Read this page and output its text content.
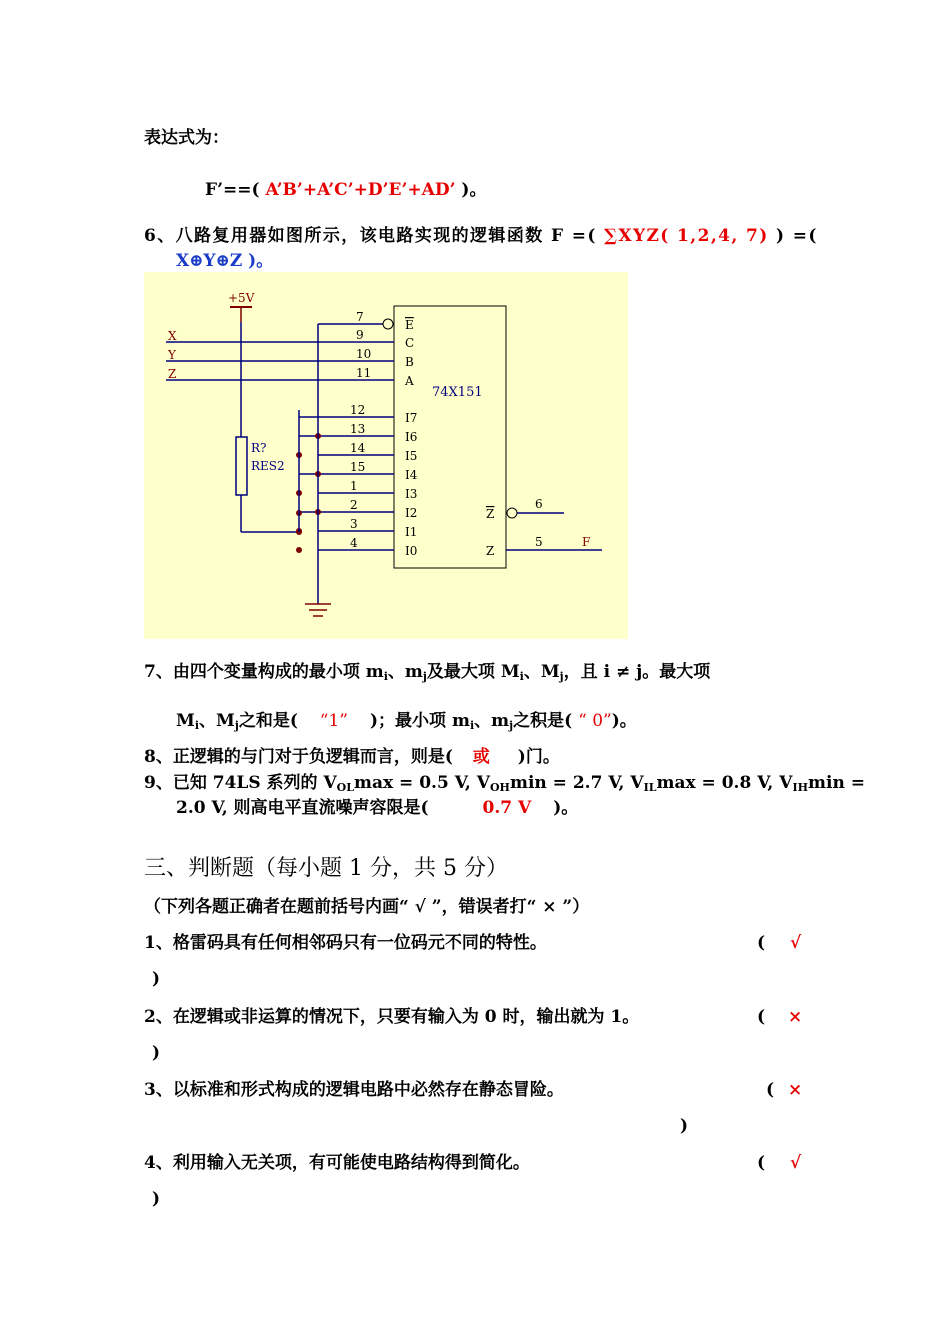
表达式为：
F’==( A’B’+A’C’+D’E’+AD’ )。
6、八路复用器如图所示，该电路实现的逻辑函数 F =( ∑XYZ( 1,2,4, 7) ) =(
X⊕Y⊕Z )。
74X151
+5V
R?
RES2
X
Y
Z
E
7
C
9
B
10
A
11
I7
12
I6
13
I5
14
I4
15
I3
1
I2
2
I1
3
I0
4
6
Z
5
Z
F
7、由四个变量构成的最小项 $m_i$、$m_j$及最大项 $M_i$、$M_j$，且 i ≠ j。最大项
$M_i$、$M_j$之和是( “1” )；最小项 $m_i$、$m_j$之积是( “ 0”)。
8、正逻辑的与门对于负逻辑而言，则是( 或 )门。
9、已知 74LS 系列的 $V_{OL}\max = 0.5$ V, $V_{OH}\min = 2.7$ V, $V_{IL}\max = 0.8$ V, $V_{IH}\min$ =
2.0 V, 则高电平直流噪声容限是(	0.7 V )。
三、判断题（每小题 1 分，共 5 分）
（下列各题正确者在题前括号内画“ √ ”，错误者打“ × ”）
1、格雷码具有任何相邻码只有一位码元不同的特性。	( √
)
2、在逻辑或非运算的情况下，只要有输入为 0 时，输出就为 1。	( ×
)
3、以标准和形式构成的逻辑电路中必然存在静态冒险。	( ×
)
4、利用输入无关项，有可能使电路结构得到简化。	( √
)
